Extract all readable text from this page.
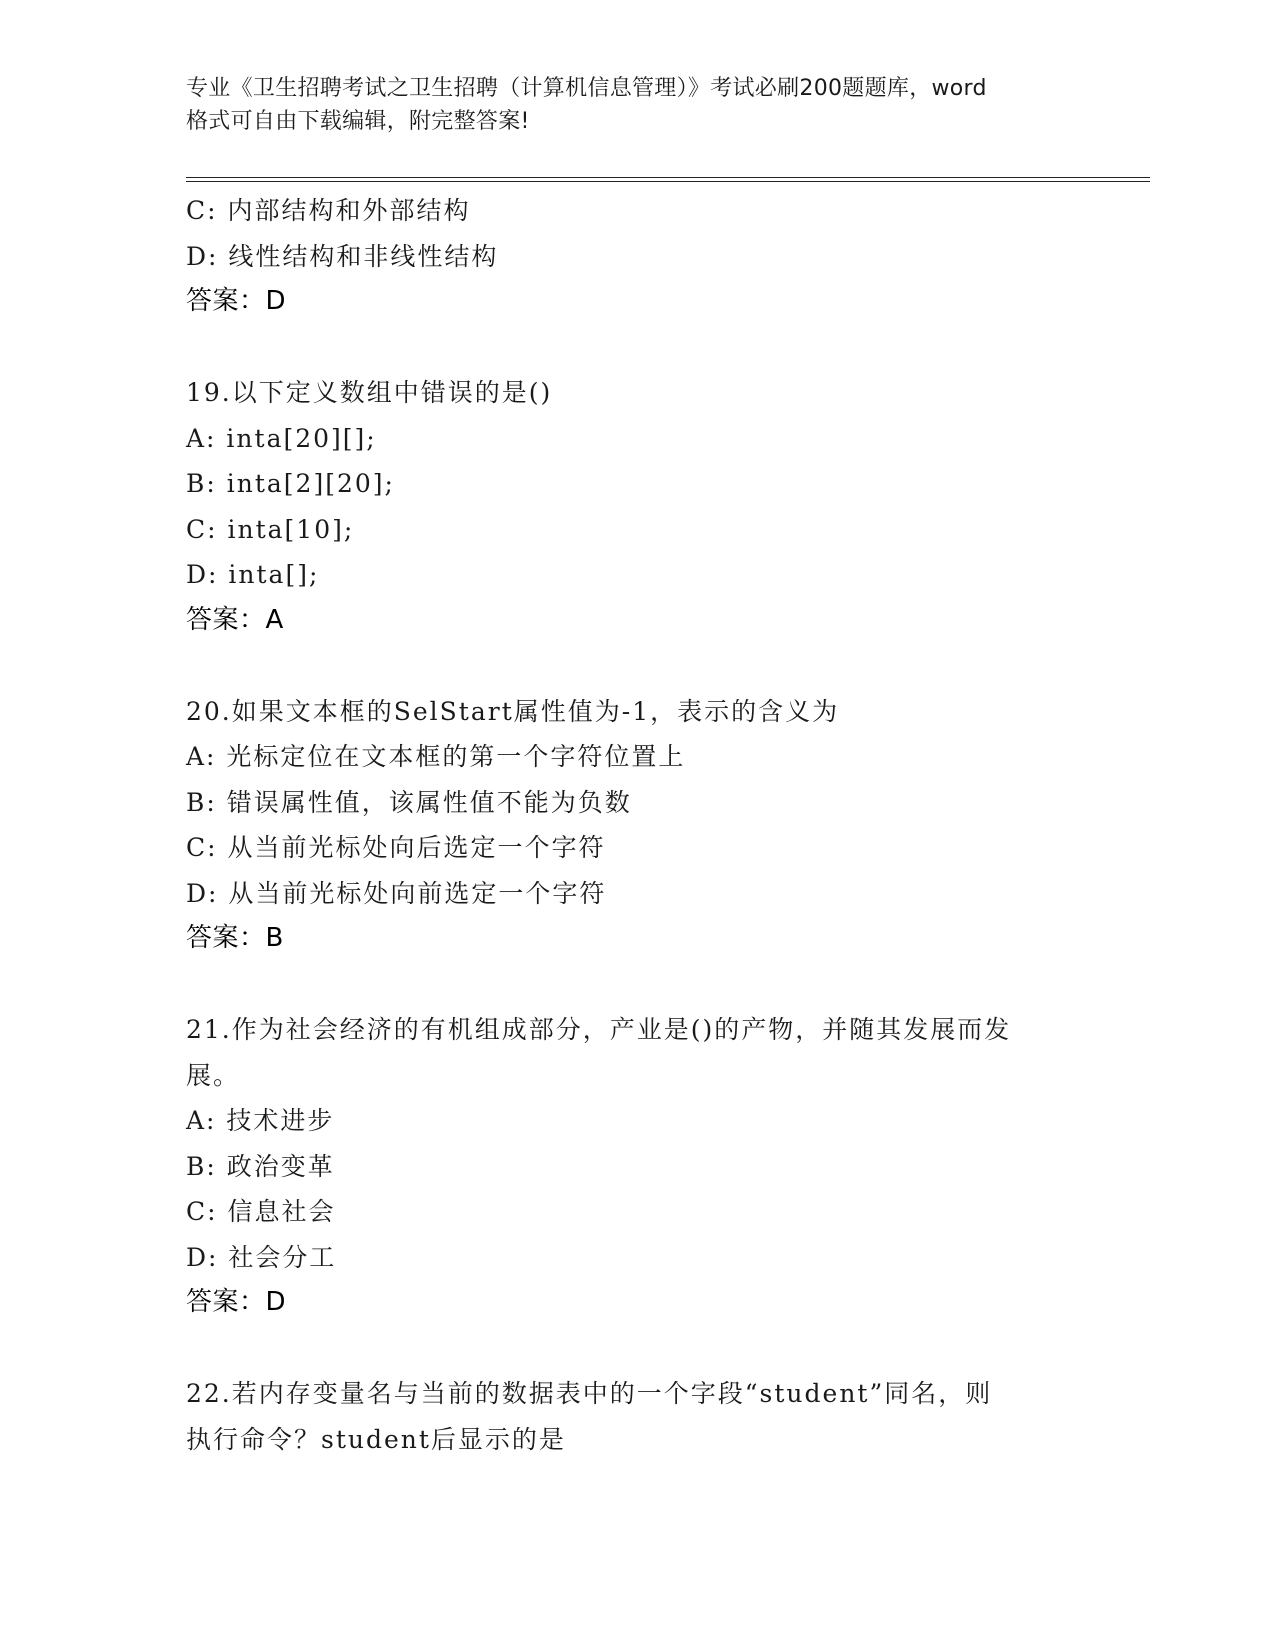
专业《卫生招聘考试之卫生招聘（计算机信息管理）》考试必刷200题题库，word
格式可自由下载编辑，附完整答案!
C: 内部结构和外部结构
D: 线性结构和非线性结构
答案：D
19.以下定义数组中错误的是()
A: inta[20][];
B: inta[2][20];
C: inta[10];
D: inta[];
答案：A
20.如果文本框的SelStart属性值为-1，表示的含义为
A: 光标定位在文本框的第一个字符位置上
B: 错误属性值，该属性值不能为负数
C: 从当前光标处向后选定一个字符
D: 从当前光标处向前选定一个字符
答案：B
21.作为社会经济的有机组成部分，产业是()的产物，并随其发展而发
展。
A: 技术进步
B: 政治变革
C: 信息社会
D: 社会分工
答案：D
22.若内存变量名与当前的数据表中的一个字段“student”同名，则
执行命令？student后显示的是
